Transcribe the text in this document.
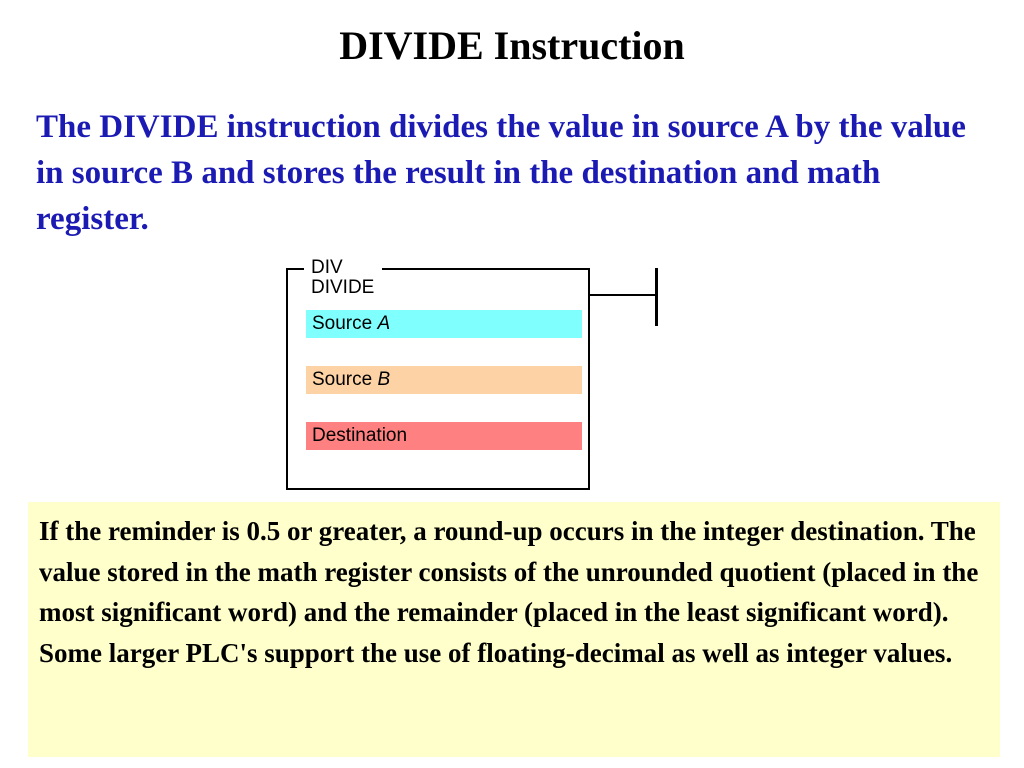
DIVIDE Instruction
The DIVIDE instruction divides the value in source A by the value in source B and stores the result in the destination and math register.
DIV
DIVIDE
Source A
Source B
Destination
If the reminder is 0.5 or greater, a round-up occurs in the integer destination. The value stored in the math register consists of the unrounded quotient (placed in the most significant word) and the remainder (placed in the least significant word). Some larger PLC's support the use of floating-decimal as well as integer values.
